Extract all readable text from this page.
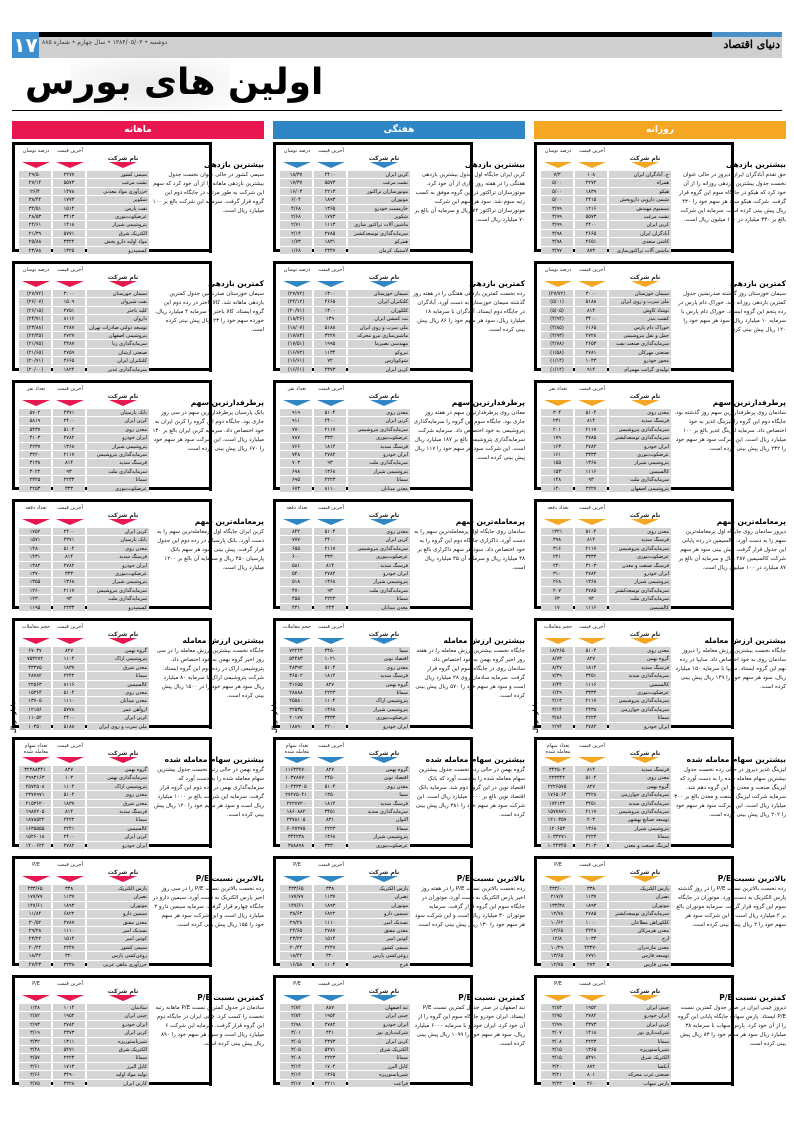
۱۷ دوشنبه • ۱۳۸۴/۰۵/۰۳ • سال چهارم • شماره ۸۸۵	دنیای اقتصاد
اولین های بورس
ماهانه
درصد نوسان	آخرین قیمت
نام شرکت
۲۹/۵۰	۲۲۷۷	سیمی کشور
۲۷/۱۴	۵۵۷۳	نشت مرغب
۲۶/۴	۱۴۷۸	خزرآوری مواد معدنی
۳۸/۴۴	۱۷۷۳	شکوبر
۳۲/۵۱	۱۵۱۴	نفت پارس
۲۸/۵۳	۳۴۱۳	عرضکوت‌بنوری
۲۴/۶۱	۱۴۱۸	پتروشیمی شیراز
۲۱/۳۹	۵۷۷۱	الکتریک شرق
۲۵/۸۸	۳۳۲۴	مواد اولیه دارو پخش
۲۳/۸۸	۱۳۲۵	کسمپدرو
بیشترین بازدهی
سیمی کشور در حالی عنوان نخست جدول بیشترین بازدهی ماهانه را از آن خود کرد که سهم این شرکت به طور مرتب در جایگاه دوم این گروه قرار گرفت. سرمایه این شرکت بالغ بر ۱۰۰ میلیارد ریال است.
درصد نوسان	آخرین قیمت
نام شرکت
(۲۷/۷۲)	۳۰۰۰	سیمان خوزستان
(۲۶/۰۷)	۱۵۰۹	نفت شیروان
(۲۶/۱۵)	۲۷۵۱	کلیه باختر
(۲۴/۷۱)	۸۱۱۶	داروان
(۲۳/۸۸)	۲۲۸۷	توسعه دولتی صادرات تهران
(۲۲/۴۵)	۲۷۲۷	پتروشیمی اصفهان
(۲۱/۷۵)	۴۳۸۷	سرمایه‌گذاری رنا
(۲۱/۶۵)	۲۷۵۹	صنعتی ارشان
(۲۰/۷۱)	۴۶۶۵	کلتکتران ایران
(۲۰/۰۰)	۱۸۲۴	سرمایه‌گذاری غدیر
کمترین بازدهی
سیمان خوزستان صدرنشین جدول کمترین بازدهی ماهانه شد. کالا باختر در رده دوم این گروه ایستاد. کالا باختر با سرمایه ۴ میلیارد ریال، خورده سهم خود را ۲۳ ریال پیش بینی کرده است.
تعداد نفر	آخرین قیمت
نام شرکت
۵۷۰۲	۴۳۷۱	بانک پارسیان
۵۸۱۹	۲۴۰۰	کربن ایران
۵۴۳۷	۵۱۰۴	معدن روی
۴۱۰۳	۲۷۸۲	ایران خودرو
۴۲۳۷	۱۳۶۸	پتروشیمی شیراز
۳۲۲۰	۲۱۱۷	سرمایه‌گذاری پتروشیمی
۳۱۳۸	۸۱۴	فرسنگ سدید
۳۰۲۲	۹۳	سرمایه‌گذاری ملت
۲۳۲۵	۲۲۳۳	سمانا
۲۲۵۳	۳۳۳	عرضکوت‌بنوری
پرطرفدارترین سهم
بانک پارسیان پرطرفدارترین سهم در سی روز جاری بود. جایگاه دوم این گروه را کربن ایران به خود اختصاص داد. سرمایه کربن ایران بالغ بر ۱۳۰ میلیارد ریال است. این شرکت سود هر سهم خود را ۶۷۰ ریال پیش بینی کرده است.
تعداد دفعه	آخرین قیمت
نام شرکت
۱۷۵۲	۲۴۰۰	کربن ایران
۱۵۷۱	۴۳۷۱	بانک پارسیان
۱۴۸۰	۵۱۰۴	معدن روی
۱۴۳۱	۸۱۴	فرسنگ سدید
۱۳۸۲	۲۷۸۲	ایران خودرو
۱۳۷۰	۳۳۳	عرضکوت‌بنوری
۱۳۵۵	۱۳۶۸	پتروشیمی شیراز
۱۲۶۰	۲۱۱۷	سرمایه‌گذاری پتروشیمی
۱۲۳۰	۹۳	سرمایه‌گذاری ملت
۱۱۹۵	۲۲۳۳	کسمپدرو
پرمعامله‌ترین سهم
کربن ایران جایگاه اول پرمعامله‌ترین سهم را به دست آورد. بانک پارسیان در رده دوم این جدول قرار گرفت. پیش بینی سود هر سهم بانک پارسیان ۴۵۰ ریال و سرمایه آن بالغ بر ۱۲۰۰ میلیارد ریال است.
حجم معاملات	آخرین قیمت
نام شرکت
۶۷۰۳۷	۸۲۷	گروه بهمن
۷۵۳۲۷۲	۱۱۰۴	پتروشیمی اراک
۳۳۳۷۵	۱۸۳۷	معدن شرق
۲۸۷۸۲	۲۲۴۲	سمانا
۲۲۵۶۳	۸۱۱۶	کالسیمین
۱۵۳۶۴	۵۱۰۴	معدن روی
۱۳۷۰۵	۱۱۱۰	معدن مینابان
۱۲۱۵۶	۵۷۷۸	ازوآهن عمر
۱۱۰۵۲	۲۴۰۰	کربن ایران
۱۰۳۵۰	۵۱۸۸	ملی سرب و روی ایران
میلیارد ریال
بیشترین ارزش معامله
جایگاه نخست بیشترین ارزش معامله را در سی روز اخیر گروه بهمن به خود اختصاص داد. پتروشیمی اراک در رده دوم این گروه ایستاد. شرکت پتروشیمی اراک با سرمایه ۸۰ میلیارد ریال سود هر سهم خود را در ۱۵۰۰ ریال پیش بینی کرده است.
تعداد سهام معامله شده
آخرین قیمت
نام شرکت
۳۲۳۸۸۳۴۱	۸۲۷	گروه بهمن
۲۹۹۳۱۶۳	۱۰۳	سرمایه‌گذاری بهمن
۲۵۷۲۵۰۸	۱۱۰۴	پتروشیمی اراک
۲۳۷۷۹۷۱	۵۱۰۴	معدن روی
۲۱۵۳۶۲۰	۱۸۳۷	معدن شرق
۱۹۸۷۲۰۵	۸۱۴	فرسنگ سدید
۱۸۷۸۵۲۲	۲۴۲۲	سمانا
۱۶۳۵۵۵۵	۲۲۴۱	کالسیمین
۱۵۲۶۰۱۸	۲۴۰۰	کربن ایران
۱۴۰۰۶۲۲	۲۷۸۲	ایران خودرو
بیشترین سهام معامله شده
گروه بهمن در حالی رتبه نخست جدول بیشترین سهام معامله شده را به دست آورد که سرمایه‌گذاری بهمن در رده دوم این گروه قرار گرفت. سرمایه این شرکت بالغ بر ۱۰۰۰ میلیارد ریال است و سود هر سهم خود را ۱۲۰ ریال پیش بینی کرده است.
P/E	آخرین قیمت
نام شرکت
۴۳۳/۶۵	۳۳۸	پارس الکتریک
۱۷۷/۷۷	۱۱۳۷	نصران
۱۴۷/۶۱	۱۸۹۳	موتوران
۱۱/۸۴	۶۸۲۲	سیمین دارو
۳۰/۵۲	۲۷۸۷	معدن مفتق
۲۹/۲۸	۱۱۱۰	نسدیک امیر
۲۳/۲۲	۱۵۱۴	کوثین امیر
۲۰/۴۴	۲۲۴۷	سیمی کشور
۱۸/۴۲	۳۲۰	روغن‌کشی پارس
۲۷/۲۳	۲۲۳۸	خزرآوری ماهی عربی
بالاترین نسبت P/E
رده نخست بالاترین نسبت P/E را در سی روز اخیر پارس الکتریک به دست آورد. سیمین دارو در جایگاه چهارم قرار گرفت. سرمایه سیمین دارو ۲ میلیارد ریال است و این شرکت سود هر سهم خود را ۱۵۵ ریال پیش بینی کرده است.
P/E	آخرین قیمت
نام شرکت
۱/۲۸	۱۰۱۴	سادمان
۲/۸۲	۱۹۵۲	چینی ایران
۲/۹۳	۲۷۸۲	ایران خودرو
۳/۱۹	۴۳۷۳	کربن ایران
۳/۳۲	۱۳۱۱	شیرپاستوریزه
۳/۴۸	۵۴۷۱	الکتریک شرق
۳/۵۷	۲۲۲۳	سمانا
۳/۶۱	۱۷۱۳	کابل البرز
۳/۶۶	۳۴۹۰	تولید مواد اولیه
۳/۷۵	۳۲۲۸	کارتن ایران
کمترین نسبت P/E
سادمان در جدول کمترین نسبت P/E ماهانه رتبه نخست را کسب کرد. چینی ایران در جایگاه دوم این گروه قرار گرفت. سرمایه این شرکت ۶ میلیارد ریال است و سود هر سهم خود را ۸۹۰ ریال پیش بینی کرده است.
هفتگی
درصد نوسان	آخرین قیمت
نام شرکت
۱۸/۳۷	۲۴۰۰	کربن ایران
۱۷/۳۷	۵۵۷۳	نشت مرغب
۱۶/۰۳	۲۲۱۳	موتورسازان تراکتور
۶/۰۴	۱۸۹۳	موتوران
۴/۶۸	۱۳۶۵	خارمست خودرو
۲/۶۸	۱۷۷۳	شکوبر
۲/۷۱	۱۱۱۳	ماشین آلات تراکتور سازی
۲/۱۴	۲۷۸۵	سرمایه‌گذاری توسعه‌کشتر
۱/۷۳	۱۸۳۱	همرکو
۱/۶۸	۲۴۴۷	لاستیک کرمان
بیشترین بازدهی
کربن ایران جایگاه اول جدول بیشترین بازدهی هفتگی را در هفته روز جاری از آن خود کرد. موتورسازان تراکتور در این گروه موفق به کسب رتبه سوم شد. سود هر سهم این شرکت موتورسازان تراکتور ۷۲ ریال و سرمایه آن بالغ بر ۷۰ میلیارد ریال است.
درصد نوسان	آخرین قیمت
نام شرکت
(۲۷/۷۲)	۱۳۰۰	سیمان خوزستان
(۲۴/۱۲)	۴۶۶۵	کلتکتران ایران
(۲۰/۷۱)	۱۳۰۰	کلکوران
(۱۸/۲۶)	۱۳۹	نت کمشن ایران
(۱۸/۰۷)	۵۱۸۸	ملی سرب و روی ایران
(۱۷/۸۳)	۳۲۲۷	ماشین‌سازی نیرو محرکه
(۱۷/۵۱)	۱۹۹۵	مهندسی نصیرما
(۱۶/۷۲)	۱۱۳۴	نیروکو
(۱۶/۶۱)	۷۲	شوکوپارس
(۱۶/۶۱)	۴۳۷۳	کربن ایران
کمترین بازدهی
رده نخست کمترین بازدهی هفتگی را در هفته روز گذشته سیمان خوزستان به دست آورد. آبادگران در جایگاه دوم ایستاد. آبادگران با سرمایه ۱۸ میلیارد ریال، سود هر سهم خود را ۸۶ ریال پیش بینی کرده است.
تعداد نفر	آخرین قیمت
نام شرکت
۹۱۹	۵۱۰۴	معدن روی
۹۱۱	۲۴۰۰	کربن ایران
۷۷۰	۲۱۱۷	سرمایه‌گذاری پتروشیمی
۷۸۷	۳۳۳۰	عرضکوت‌بنوری
۷۶۶	۱۸۱۴	فرسنگ سدید
۷۴۸	۲۷۸۲	ایران خودرو
۷۰۳	۹۳	سرمایه‌گذاری ملت
۶۹۸	۱۳۶۸	پتروشیمی شیراز
۶۹۵	۲۲۲۳	سمانا
۶۷۳	۸۱۱۰	معدن مینابان
پرطرفدارترین سهم
معادن روی پرطرفدارترین سهم در هفته روز جاری بود. جایگاه سوم این گروه را سرمایه‌گذاری پتروشیمی به خود اختصاص داد. سرمایه شرکت سرمایه‌گذاری پتروشیمی بالغ بر ۱۸۷ میلیارد ریال است. این شرکت سود هر سهم خود را ۱۱۷ ریال پیش بینی کرده است.
تعداد دفعه	آخرین قیمت
نام شرکت
۸۴۲	۵۱۰۴	معدن روی
۷۷۷	۲۴۰۰	کربن ایران
۶۵۵	۲۱۱۷	سرمایه‌گذاری پتروشیمی
۶۰۰	۳۳۳۰	عرضکوت‌بنوری
۵۸۱	۸۱۴	فرسنگ سدید
۵۴۰	۲۷۸۲	ایران خودرو
۵۱۸	۱۳۶۸	پتروشیمی شیراز
۴۷۰	۹۳	سرمایه‌گذاری ملت
۴۵۵	۲۲۲۳	سمانا
۴۳۱	۲۲۳	معدن مینابان
پرمعامله‌ترین سهم
سادمان روی جایگاه اول پرمعامله‌ترین سهم را به دست آورد. ذاکراری جایگاه دوم این گروه را به خود اختصاص داد. سود هر سهم ذاکراری بالغ بر ۴۸ میلیارد ریال و سرمایه آن ۴۵ میلیارد ریال است.
حجم معاملات	آخرین قیمت
نام شرکت
۷۲۲۴۳	۳۴۵۰	سما
۵۴۴۸۳	۱۰۲۱	اقتصاد نوین
۴۸۳۹۲	۵۱۰۴	معدن روی
۳۶۵۰۲	۱۸۱۴	فرسنگ سدید
۳۱۶۵۵	۸۲۷	گروه بهمن
۲۸۸۸۸	۲۲۲۳	سمانا
۲۵۵۸۰	۱۱۰۴	پتروشیمی اراک
۲۲۵۳۵	۱۳۶۸	پتروشیمی شیراز
۲۰۱۷۷	۳۳۳۳	عرضکوت‌بنوری
۱۸۸۹۰	۲۲۰۰	ایران خودرو
میلیارد ریال
بیشترین ارزش معامله
جایگاه نخست بیشترین ارزش معامله را در هفته روز اخیر گروه بهمن به خود اختصاص داد. سادمان روی در جایگاه سوم این گروه قرار گرفت. سرمایه سادمان روی ۲۸ میلیارد ریال است و سود هر سهم خود را ۵۷۰ ریال پیش بینی کرده است.
تعداد سهام معامله شده
آخرین قیمت
نام شرکت
۱۱۶۳۳۷۷۰	۸۲۷	گروه بهمن
۱۰۳۷۸۷۷۰	۲۴۵۰	اقتصاد نوین
۱۰۴۳۳۳۰۵	۵۱۰۴	معدن روی
۲۷۲۷۵۰۴۱	۱۳۵۰	سما
۲۲۲۷۷۲۰	۱۸۱۴	فرسنگ سدید
۱۸۶۰۸۸۲	۳۴۵۱	سرمایه‌گذاری سدید
۲۳۷۸۱۰۵	۸۳۱	التوان
۶۰۲۷۲۷۵	۲۲۲۳	سمانا
۳۴۴۲۳۸	۱۳۶۸	پتروشیمی شیراز
۳۸۸۸۹۸	۳۳۳۰	عرضکوت‌بنوری
بیشترین سهام معامله شده
گروه بهمن در حالی رده نخست جدول بیشترین سهام معامله شده را به دست آورد که بانک اقتصاد نوین در این گروه دوم شد. سرمایه بانک اقتصاد نوین بالغ بر ۱۰۰۰ میلیارد ریال است. این شرکت سود هر سهم خود را ۳۸۱ ریال پیش بینی کرده است.
P/E	آخرین قیمت
نام شرکت
۴۳۳/۶۵	۳۳۸	پارس الکتریک
۱۷۷/۷۷	۱۱۳۷	نصران
۱۴۷/۶۱	۱۸۹۳	موتوران
۳۸/۶۳	۶۸۲۲	سیمین دارو
۲۹/۲۸	۱۱۱۰	نسدیک امیر
۲۴/۶۵	۲۷۸۷	معدن مفتق
۲۳/۲۲	۱۵۱۴	کوثین امیر
۲۰/۴۴	۲۲۴۷	سیمی کشور
۱۸/۴۲	۳۲۰	روغن‌کشی پارس
۱۶/۵۸	۱۱۰۴	فرج
بالاترین نسبت P/E
رده نخست بالاترین نسبت P/E را در هفته روز اخیر پارس الکتریک به دست آورد. موتوران در جایگاه سوم این گروه قرار گرفت. سرمایه موتوران ۳۰ میلیارد ریال است و این شرکت سود هر سهم خود را ۱۳۰ ریال پیش بینی کرده است.
P/E	آخرین قیمت
نام شرکت
۲/۸۲	۸۸۷	نند اصفهان
۲/۸۴	۱۹۵۲	چینی ایران
۲/۹۸	۲۷۸۲	ایران خودرو
۳/۰۱	۴۴۱	شرکت‌بازی نور
۳/۰۵	۴۳۷۳	کربن ایران
۳/۰۵	۵۴۷۱	الکتریک شرق
۳/۰۸	۲۲۲۳	سمانا
۳/۱۴	۱۷۰۴	کابل البرز
۳/۱۴	۱۳۶۵	شیرپاستوریزه
۳/۱۷	۲۲۱۱	فراعت
کمترین نسبت P/E
نند اصفهان در صدر جدول کمترین نسبت P/E ایستاد. ایران خودرو جایگاه سوم این گروه را از آن خود کرد. ایران خودرو با سرمایه ۶۰۰۰ میلیارد ریال، سود هر سهم خود را ۱۰۹۹ ریال پیش بینی کرده است.
روزانه
درصد نوسان	آخرین قیمت
نام شرکت
۷/۳	۱۰۸	ح. آبادگران ایران
۵/۰۰	۲۲۷۲	همراه
۵/۰۰	۱۸۳۹	هیکو
۵/۰۰	۲۴۱۵	شیمی دارویی داروپخش
۳/۹۹	۱۲۱۶	سیمیوم مهندش
۳/۹۹	۵۵۷۳	نشت مرغب
۳/۹۹	۲۴۰۰	کربن ایران
۳/۹۸	۴۶۶۵	آبادگران ایران
۳/۹۸	۲۶۵۱	کاشی سعدی
۳/۹۷	۸۷۳	ماشین آلات تراکتورسازی
بیشترین بازدهی
حق تقدم آبادگران ایران دیروز در حالی عنوان نخست جدول بیشترین بازدهی روزانه را از آن خود کرد که هیکو در جایگاه سوم این گروه قرار گرفت. شرکت هیکو سود هر سهم خود را ۴۳۰ ریال پیش بینی کرده است. سرمایه این شرکت بالغ بر ۳۳۰ میلیارد در ۱۰۰ میلیون ریال است.
درصد نوسان	آخرین قیمت
نام شرکت
(۲۷/۷۲)	۳۰۰۰	سیمان خوزستان
(۵/۰۱)	۵۱۸۸	ملی سرب و روی ایران
(۵/۰۵)	۸۱۴	نوشاد کاوش
(۴/۹۴)	۳۴۰۰	کشت بندر
(۴/۸۵)	۶۱۶۵	خوراک دام پارس
(۴/۹۳)	۲۷۲۸	حمل و نقل پتروشیمی
(۴/۷۸)	۴۶۵۳	سرمایه‌گذاری صنعت نفت
(۱/۵۸)	۲۷۸۱	صنعتی مهرکان
(۱/۱۴)	۱۰۴۳	محور خودرو
(۱/۱۴)	۹۱۴	تولیدی گرانت مهمرام
کمترین بازدهی
سیمان خوزستان روز گذشته صدرنشین جدول کمترین بازدهی روزانه شد. خوراک دام پارس در رده پنجم این گروه ایستاد. خوراک دام پارس با سرمایه ۱۰ میلیارد ریال، سود هر سهم خود را ۱۲۰ ریال پیش بینی کرد.
تعداد نفر	آخرین قیمت
نام شرکت
۳۰۴	۵۱۰۴	معدن روی
۲۳۱	۸۱۴	فرسنگ سدید
۲۰۱	۲۱۱۷	سرمایه‌گذاری پتروشیمی
۱۷۹	۲۷۸۵	سرمایه‌گذاری توسعه‌کشتر
۱۶۳	۲۷۸۲	ایران خودرو
۱۶۱	۳۳۳۳	عرضکوت‌بنوری
۱۵۵	۱۳۶۸	پتروشیمی شیراز
۱۵۳	۱۱۱۶	کالسیمین
۱۴۸	۹۳	سرمایه‌گذاری ملت
۱۴۰	۲۲۲۷	پتروشیمی اصفهان
پرطرفدارترین سهم
سادمان روی پرطرفدارترین سهم روز گذشته بود. جایگاه دوم این گروه را لیزینگ غدیر به خود اختصاص داد. سرمایه لیزینگ غدیر بالغ بر ۱۰۰ میلیارد ریال است. این شرکت سود هر سهم خود را ۲۳۲ ریال پیش بینی کرده است.
تعداد دفعه	آخرین قیمت
نام شرکت
۱۳۲۱	۵۱۰۴	معدن روی
۳۹۸	۸۱۴	فرسنگ سدید
۳۱۶	۲۱۱۷	سرمایه‌گذاری پتروشیمی
۲۲۱	۳۳۳۳	عرضکوت‌بنوری
۲۴۰	۳۱۰۳	فرسنگ صنعت و معدن
۳۱۰	۲۷۸۲	ایران خودرو
۲۶۸	۱۳۶۸	پتروشیمی شیراز
۲۰۷	۲۷۸۵	سرمایه‌گذاری توسعه‌کشتر
۶۳	۹۳	سرمایه‌گذاری ملت
۱۷	۱۱۱۶	کالسیمین
پرمعامله‌ترین سهم
دیروز سادمان روی جایگاه اول پرمعامله‌ترین سهم را به دست آورد. کالسیمین در رده پایانی این جدول قرار گرفت. پیش بینی سود هر سهم شرکت کالسیمین ۲۸۷ ریال و سرمایه آن بالغ بر ۸۷ میلیارد در ۱۰۰ میلیون ریال است.
حجم معاملات	آخرین قیمت
نام شرکت
۱۸/۲۶۵	۵۱۰۴	معدن روی
۸/۷۳	۸۲۷	گروه بهمن
۸/۲۷	۱۸۱۴	فرسنگ سدید
۷/۳۹	۳۴۵۱	سرمایه‌گذاری سدید
۶/۴۴	۱۱۱۶	کالسیمین
۶/۲۹	۳۳۳۳	عرضکوت‌بنوری
۴/۱۳	۲۱۱۷	سرمایه‌گذاری پتروشیمی
۳/۱۴	۲۴۳۸	سرمایه‌گذاری خوارزمی
۳/۸۶	۲۲۲۳	سمانا
۲/۹۴	۲۷۸۲	ایران خودرو
میلیارد ریال
بیشترین ارزش معامله
جایگاه نخست بیشترین ارزش معامله را دیروز سادمان روی به خود اختصاص داد. سایپا در رده نهم این گروه ایستاد. سایپا با سرمایه ۱۵۰ میلیارد ریال، سود هر سهم خود را ۱۴۹ ریال پیش بینی کرده است.
تعداد سهام معامله شده
آخرین قیمت
نام شرکت
۳۴۲۵۰۳	۸۱۴	فرسنگ سدید
۲۲۳۳۴۲	۵۱۰۴	معدن روی
۲۲۲۶۵۷۵	۸۲۷	گروه بهمن
۱۷۶۵۰۶۴	۳۴۲۸	سرمایه‌گذاری خوارزمی
۱۷۴۱۳۴	۳۴۵۱	سرمایه‌گذاری سدید
۱۵۷۷۸۷۱	۲۱۱۷	سرمایه‌گذاری پتروشیمی
۱۲۱۰۳۵۷	۲۰۳	توسعه صنایع بهشهر
۱۲۰۶۵۳	۱۳۶۸	پتروشیمی شیراز
۱۰۳۳۲۷۱	۲۲۲۳	سمانا
۱۰۴۴۳۴۵	۳۱۰۳	لیزینگ صنعت و معدن
بیشترین سهام معامله شده
لیزینگ غدیر دیروز در حالی رده نخست جدول بیشترین سهام معامله شده را به دست آورد که لیزینگ صنعت و معدن در این گروه دهم شد. سرمایه شرکت لیزینگ صنعت و معدن بالغ بر ۳۰۰ میلیارد ریال است. این شرکت سود هر سهم خود را ۲۰۲ ریال پیش بینی کرده است.
P/E	آخرین قیمت
نام شرکت
۴۳۳/۰۰	۳۳۸	پارس الکتریک
۲۱۷/۷	۱۱۳۷	نصران
۱۳۳/۳۸	۱۸۹۳	موتوران
۱۲/۷۸	۲۷۸۵	سرمایه‌گذاری توسعه‌کشتر
۱۰/۶۲	۱۰۰۰	کلکوراهن مطاعان
۱۲/۶۵	۴۴۴۸	معدن هرمزکان
۱۲/۸	۱۰۳۳	ارج
۱۰/۲۹	۴۳۳۷۰	معدن مازندران
۱۳/۶۵	۶۷۷۱	توسعه فارس
۱۲/۷۵	۲۷۳	معدن فارس
بالاترین نسبت P/E
رده نخست بالاترین نسبت P/E را در روز گذشته پارس الکتریک به دست آورد. موتوران در جایگاه سوم این گروه قرار گرفت. سرمایه موتوران بالغ بر ۲ میلیارد ریال است و این شرکت سود هر سهم خود را ۲ ریال پیش بینی کرده است.
P/E	آخرین قیمت
نام شرکت
۲/۸۳	۱۹۵۲	چینی ایران
۲/۹۵	۲۷۸۲	ایران خودرو
۲/۹۹	۴۳۷۳	کربن ایران
۳/۰۷	۱۴۱۸	شرکت‌بازی نور
۳/۰۸	۲۲۲۳	سمانا
۳/۱۵	۱۳۶۵	شیرپاستوریزه
۳/۱۵	۵۴۷۱	الکتریک شرق
۳/۲۰	۸۷۲	آنکشا
۳/۲۱	۸۰۱	صنعتی غرب محرکه
۳/۲۳	۴۶۰	پارس سهاب
کمترین نسبت P/E
دیروز چینی ایران در صدر جدول کمترین نسبت P/E ایستاد. پارس سهاب جایگاه پایانی این گروه را از آن خود کرد. پارس سهاب با سرمایه ۳۸ میلیارد ریال سود هر سهم خود را ۸۳ ریال پیش بینی کرده است.
